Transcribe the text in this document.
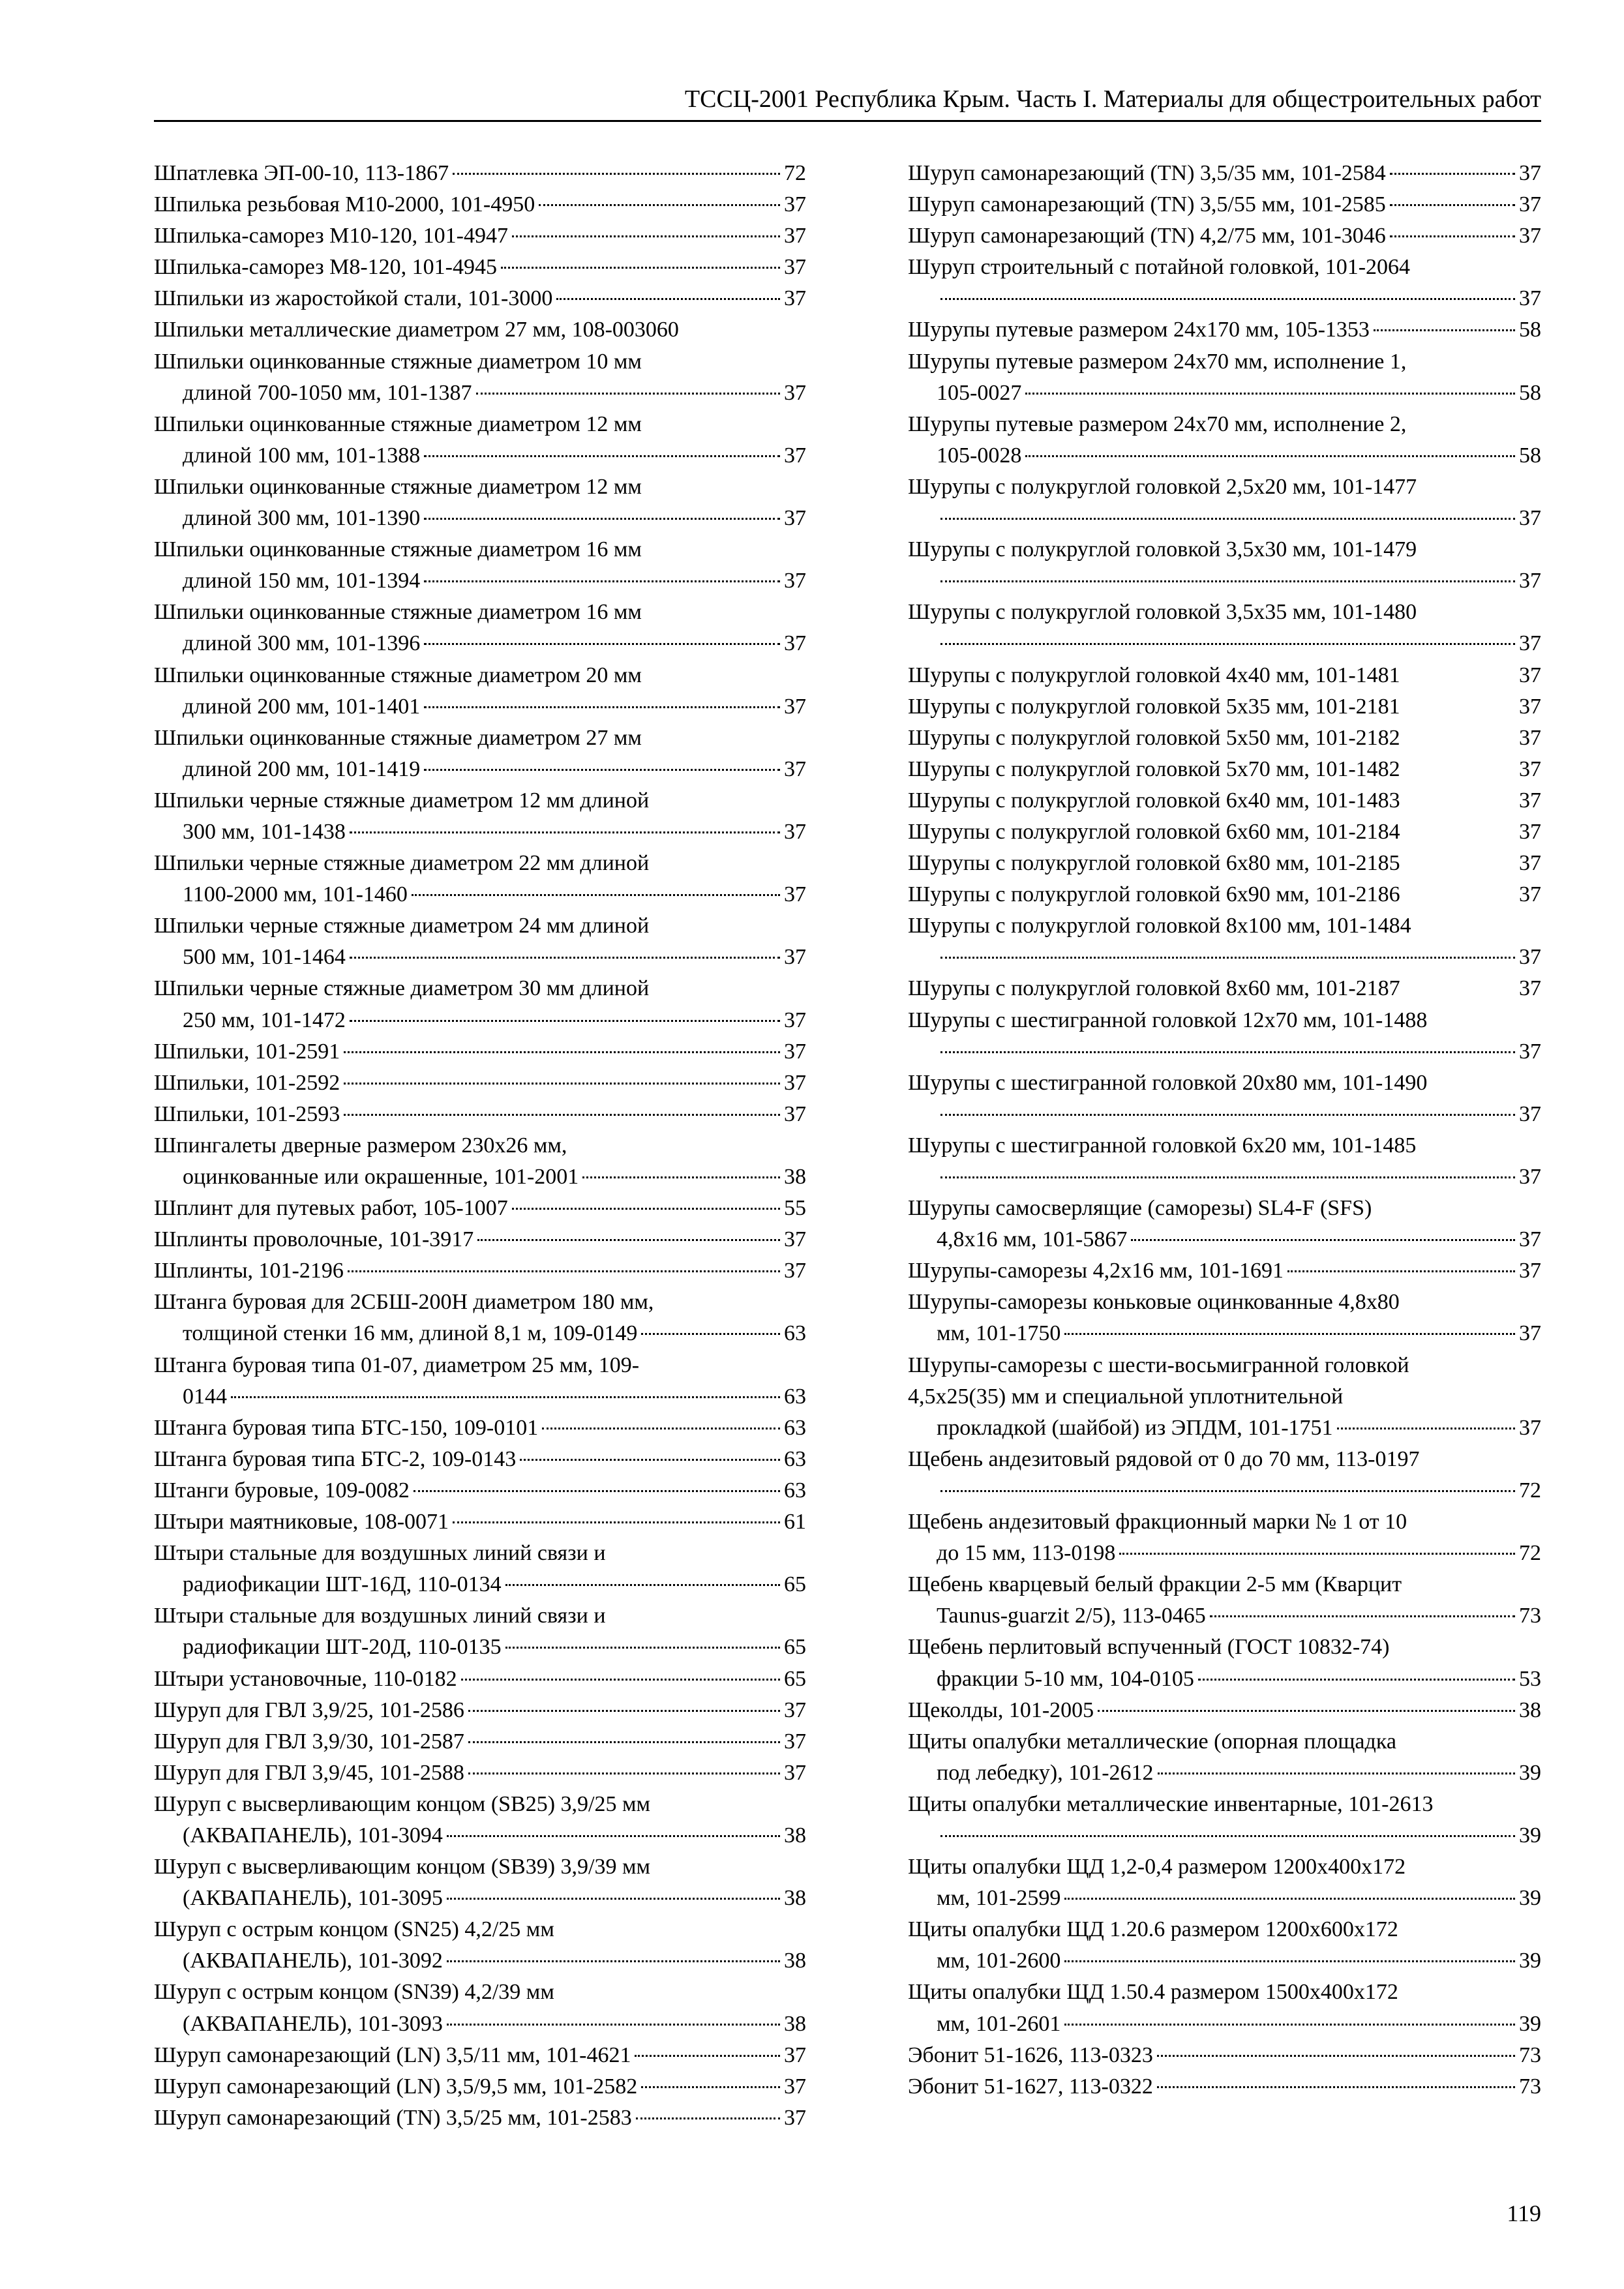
ТССЦ-2001 Республика Крым. Часть I. Материалы для общестроительных работ
Шпатлевка ЭП-00-10, 113-1867	72
Шпилька резьбовая М10-2000, 101-4950	37
Шпилька-саморез М10-120, 101-4947	37
Шпилька-саморез М8-120, 101-4945	37
Шпильки из жаростойкой стали, 101-3000	37
Шпильки металлические диаметром 27 мм, 108-003060
Шпильки оцинкованные стяжные диаметром 10 мм
длиной 700-1050 мм, 101-1387	37
Шпильки оцинкованные стяжные диаметром 12 мм
длиной 100 мм, 101-1388	37
Шпильки оцинкованные стяжные диаметром 12 мм
длиной 300 мм, 101-1390	37
Шпильки оцинкованные стяжные диаметром 16 мм
длиной 150 мм, 101-1394	37
Шпильки оцинкованные стяжные диаметром 16 мм
длиной 300 мм, 101-1396	37
Шпильки оцинкованные стяжные диаметром 20 мм
длиной 200 мм, 101-1401	37
Шпильки оцинкованные стяжные диаметром 27 мм
длиной 200 мм, 101-1419	37
Шпильки черные стяжные диаметром 12 мм длиной
300 мм, 101-1438	37
Шпильки черные стяжные диаметром 22 мм длиной
1100-2000 мм, 101-1460	37
Шпильки черные стяжные диаметром 24 мм длиной
500 мм, 101-1464	37
Шпильки черные стяжные диаметром 30 мм длиной
250 мм, 101-1472	37
Шпильки, 101-2591	37
Шпильки, 101-2592	37
Шпильки, 101-2593	37
Шпингалеты дверные размером 230х26 мм,
оцинкованные или окрашенные, 101-2001	38
Шплинт для путевых работ, 105-1007	55
Шплинты проволочные, 101-3917	37
Шплинты, 101-2196	37
Штанга буровая для 2СБШ-200Н диаметром 180 мм,
толщиной стенки 16 мм, длиной 8,1 м, 109-0149	63
Штанга буровая типа 01-07, диаметром 25 мм, 109-
0144	63
Штанга буровая типа БТС-150, 109-0101	63
Штанга буровая типа БТС-2, 109-0143	63
Штанги буровые, 109-0082	63
Штыри маятниковые, 108-0071	61
Штыри стальные для воздушных линий связи и
радиофикации ШТ-16Д, 110-0134	65
Штыри стальные для воздушных линий связи и
радиофикации ШТ-20Д, 110-0135	65
Штыри установочные, 110-0182	65
Шуруп для ГВЛ 3,9/25, 101-2586	37
Шуруп для ГВЛ 3,9/30, 101-2587	37
Шуруп для ГВЛ 3,9/45, 101-2588	37
Шуруп с высверливающим концом (SB25) 3,9/25 мм
(АКВАПАНЕЛЬ), 101-3094	38
Шуруп с высверливающим концом (SB39) 3,9/39 мм
(АКВАПАНЕЛЬ), 101-3095	38
Шуруп с острым концом (SN25) 4,2/25 мм
(АКВАПАНЕЛЬ), 101-3092	38
Шуруп с острым концом (SN39) 4,2/39 мм
(АКВАПАНЕЛЬ), 101-3093	38
Шуруп самонарезающий (LN) 3,5/11 мм, 101-4621	37
Шуруп самонарезающий (LN) 3,5/9,5 мм, 101-2582	37
Шуруп самонарезающий (TN) 3,5/25 мм, 101-2583	37
Шуруп самонарезающий (TN) 3,5/35 мм, 101-2584	37
Шуруп самонарезающий (TN) 3,5/55 мм, 101-2585	37
Шуруп самонарезающий (TN) 4,2/75 мм, 101-3046	37
Шуруп строительный с потайной головкой, 101-2064
37
Шурупы путевые размером 24х170 мм, 105-1353	58
Шурупы путевые размером 24х70 мм, исполнение 1,
105-0027	58
Шурупы путевые размером 24х70 мм, исполнение 2,
105-0028	58
Шурупы с полукруглой головкой 2,5х20 мм, 101-1477
37
Шурупы с полукруглой головкой 3,5х30 мм, 101-1479
37
Шурупы с полукруглой головкой 3,5х35 мм, 101-1480
37
Шурупы с полукруглой головкой 4х40 мм, 101-1481	37
Шурупы с полукруглой головкой 5х35 мм, 101-2181	37
Шурупы с полукруглой головкой 5х50 мм, 101-2182	37
Шурупы с полукруглой головкой 5х70 мм, 101-1482	37
Шурупы с полукруглой головкой 6х40 мм, 101-1483	37
Шурупы с полукруглой головкой 6х60 мм, 101-2184	37
Шурупы с полукруглой головкой 6х80 мм, 101-2185	37
Шурупы с полукруглой головкой 6х90 мм, 101-2186	37
Шурупы с полукруглой головкой 8х100 мм, 101-1484
37
Шурупы с полукруглой головкой 8х60 мм, 101-2187	37
Шурупы с шестигранной головкой 12х70 мм, 101-1488
37
Шурупы с шестигранной головкой 20х80 мм, 101-1490
37
Шурупы с шестигранной головкой 6х20 мм, 101-1485
37
Шурупы самосверлящие (саморезы) SL4-F (SFS)
4,8х16 мм, 101-5867	37
Шурупы-саморезы 4,2х16 мм, 101-1691	37
Шурупы-саморезы коньковые оцинкованные 4,8х80
мм, 101-1750	37
Шурупы-саморезы с шести-восьмигранной головкой
4,5х25(35) мм и специальной уплотнительной
прокладкой (шайбой) из ЭПДМ, 101-1751	37
Щебень андезитовый рядовой от 0 до 70 мм, 113-0197
72
Щебень андезитовый фракционный марки № 1 от 10
до 15 мм, 113-0198	72
Щебень кварцевый белый фракции 2-5 мм (Кварцит
Taunus-guarzit 2/5), 113-0465	73
Щебень перлитовый вспученный (ГОСТ 10832-74)
фракции 5-10 мм, 104-0105	53
Щеколды, 101-2005	38
Щиты опалубки металлические (опорная площадка
под лебедку), 101-2612	39
Щиты опалубки металлические инвентарные, 101-2613
39
Щиты опалубки ЩД 1,2-0,4 размером 1200х400х172
мм, 101-2599	39
Щиты опалубки ЩД 1.20.6 размером 1200х600х172
мм, 101-2600	39
Щиты опалубки ЩД 1.50.4 размером 1500х400х172
мм, 101-2601	39
Эбонит 51-1626, 113-0323	73
Эбонит 51-1627, 113-0322	73
119
